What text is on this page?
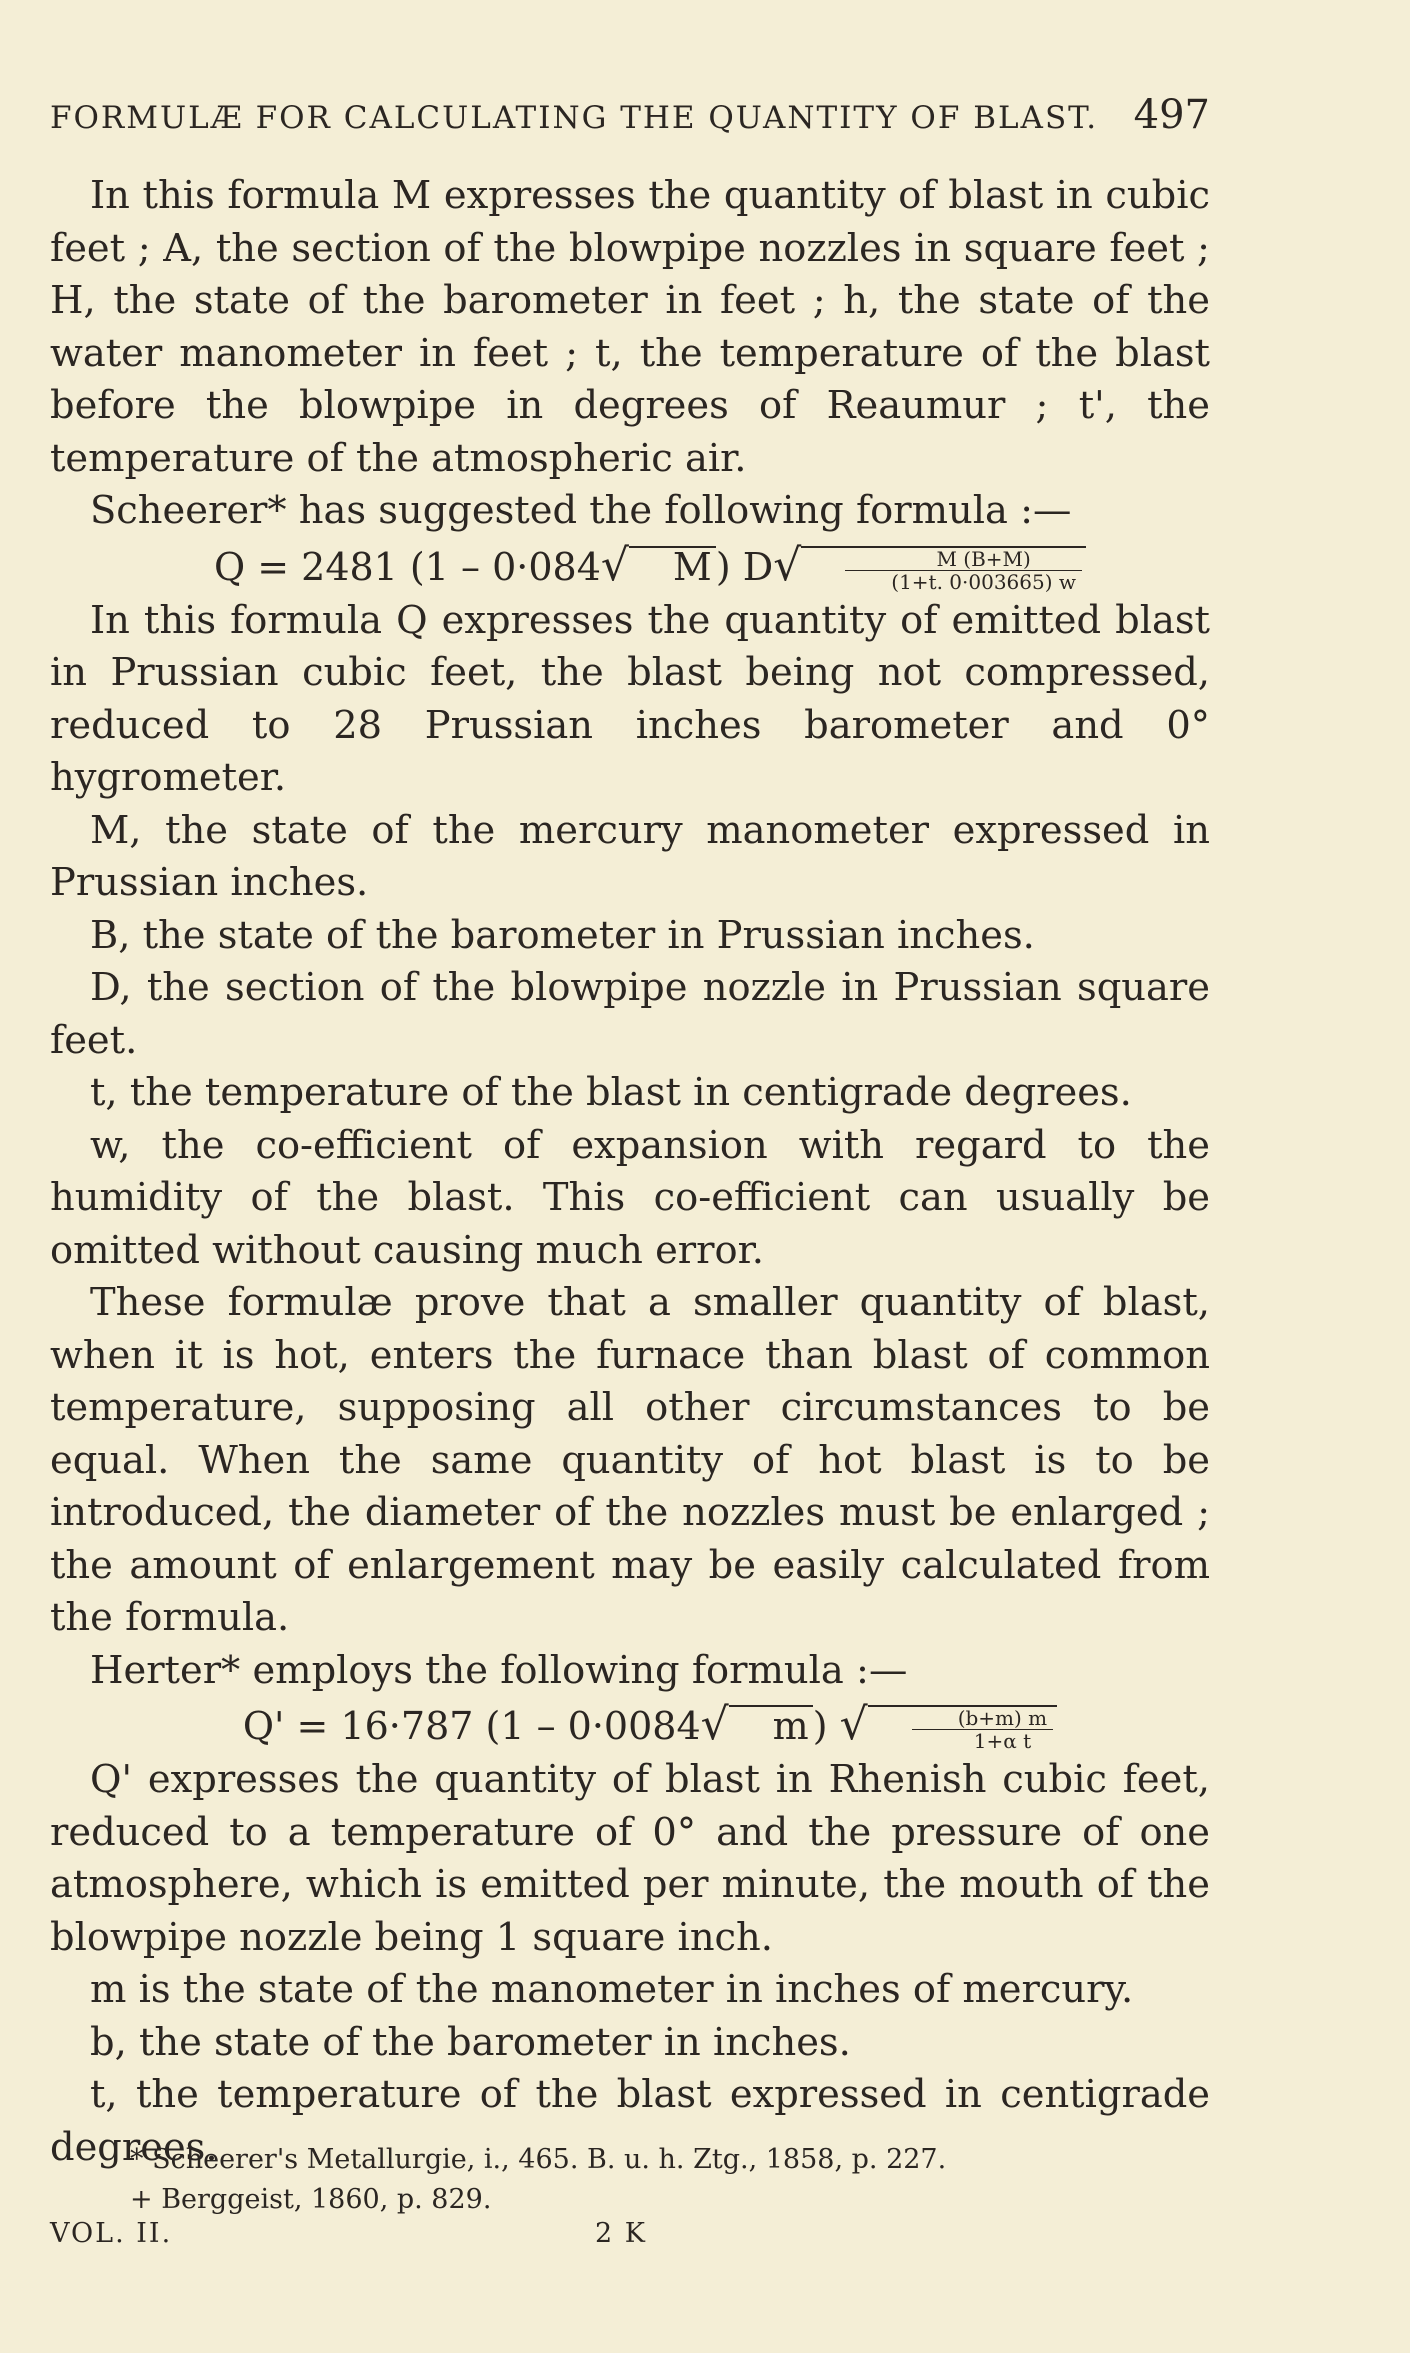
FORMULÆ FOR CALCULATING THE QUANTITY OF BLAST. 497

In this formula M expresses the quantity of blast in cubic feet ; A, the section of the blowpipe nozzles in square feet ; H, the state of the barometer in feet ; h, the state of the water manometer in feet ; t, the temperature of the blast before the blowpipe in degrees of Reaumur ; t', the temperature of the atmospheric air.

Scheerer* has suggested the following formula :—

Q = 2481 (1 – 0·084√ M ) $D√ \frac{M (B+M)}{(1+t. 0\cdot 003665) w}$

In this formula Q expresses the quantity of emitted blast in Prussian cubic feet, the blast being not compressed, reduced to 28 Prussian inches barometer and 0° hygrometer.

M, the state of the mercury manometer expressed in Prussian inches.

B, the state of the barometer in Prussian inches.

D, the section of the blowpipe nozzle in Prussian square feet.

t, the temperature of the blast in centigrade degrees.

w, the co-efficient of expansion with regard to the humidity of the blast. This co-efficient can usually be omitted without causing much error.

These formulæ prove that a smaller quantity of blast, when it is hot, enters the furnace than blast of common temperature, supposing all other circumstances to be equal. When the same quantity of hot blast is to be introduced, the diameter of the nozzles must be enlarged ; the amount of enlargement may be easily calculated from the formula.

Herter* employs the following formula :—

Q' = 16·787 (1 – 0·0084√ m ) √ $\frac{(b+m) m}{\text{1+α t}}$

Q' expresses the quantity of blast in Rhenish cubic feet, reduced to a temperature of 0° and the pressure of one atmosphere, which is emitted per minute, the mouth of the blowpipe nozzle being 1 square inch.

m is the state of the manometer in inches of mercury.

b, the state of the barometer in inches.

t, the temperature of the blast expressed in centigrade degrees.

* Scheerer's Metallurgie, i., 465. B. u. h. Ztg., 1858, p. 227.
+ Berggeist, 1860, p. 829.
VOL. II.	2 K
